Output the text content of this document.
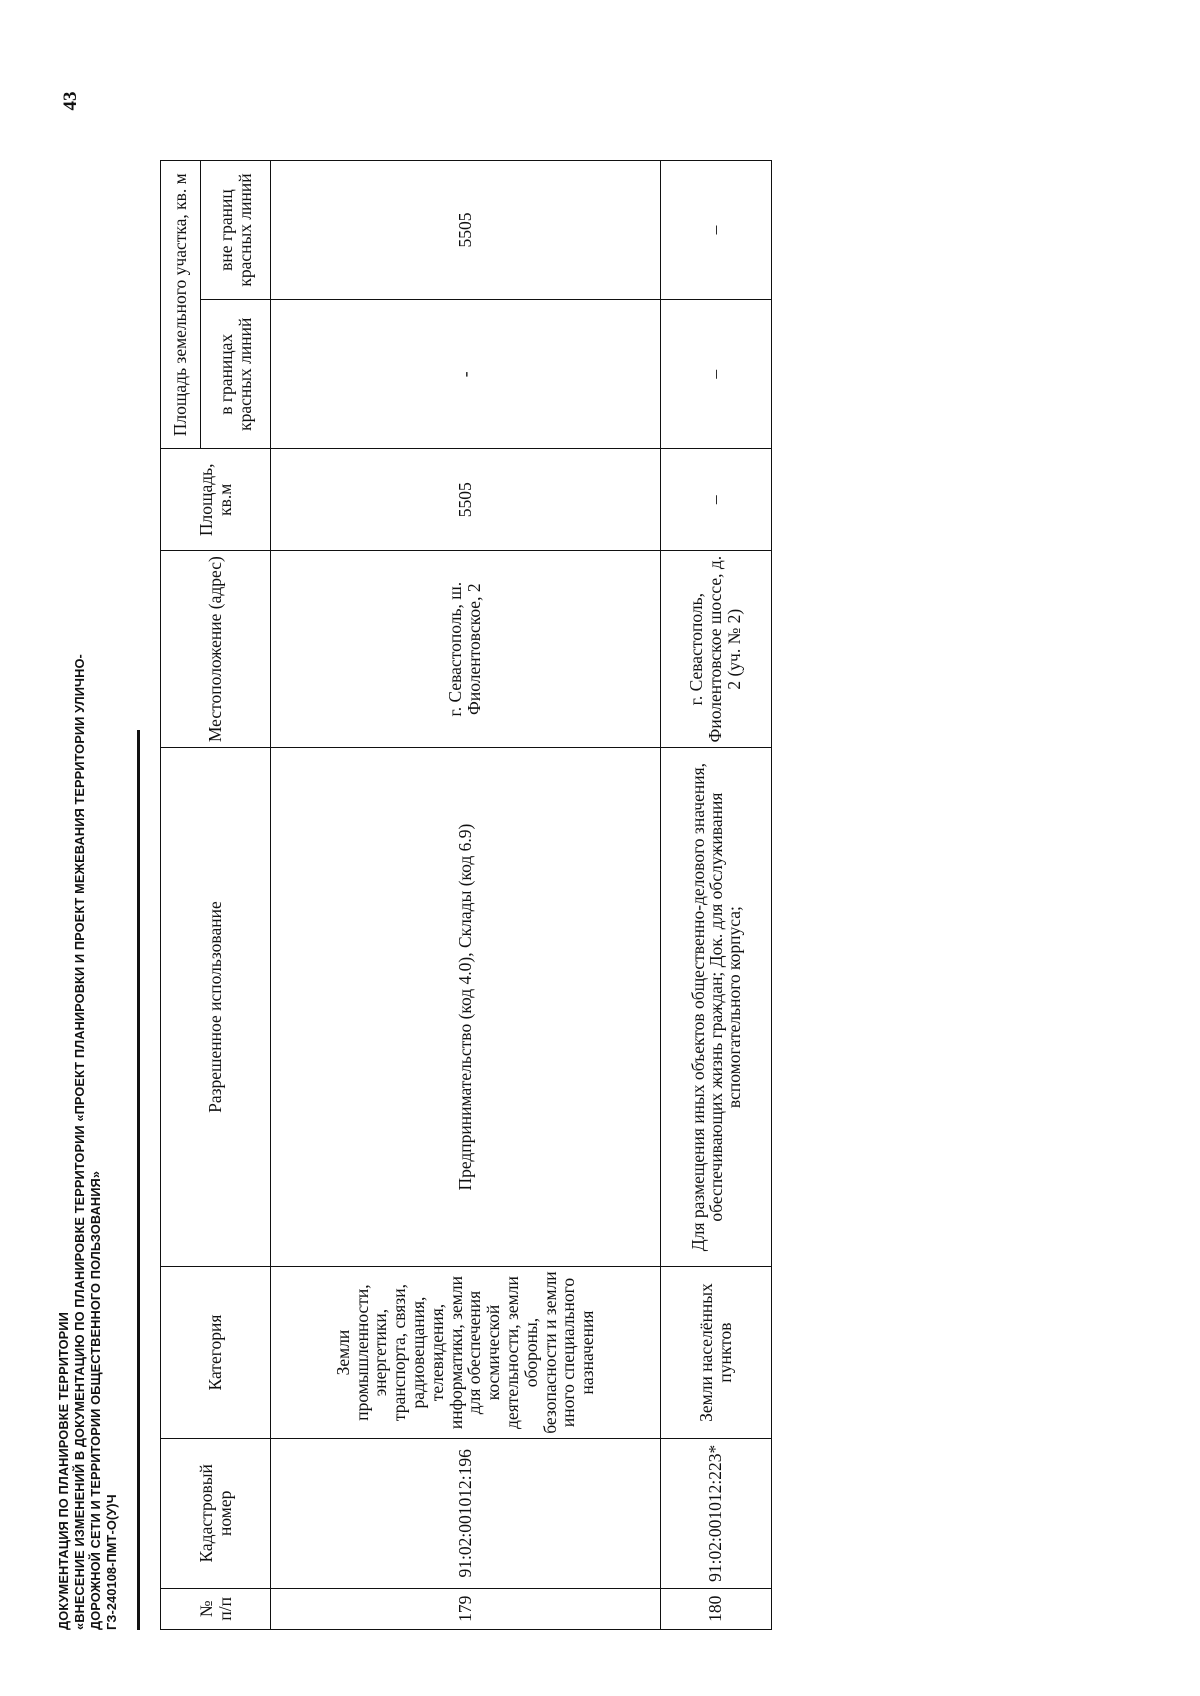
43
ДОКУМЕНТАЦИЯ ПО ПЛАНИРОВКЕ ТЕРРИТОРИИ «ВНЕСЕНИЕ ИЗМЕНЕНИЙ В ДОКУМЕНТАЦИЮ ПО ПЛАНИРОВКЕ ТЕРРИТОРИИ «ПРОЕКТ ПЛАНИРОВКИ И ПРОЕКТ МЕЖЕВАНИЯ ТЕРРИТОРИИ УЛИЧНО- ДОРОЖНОЙ СЕТИ И ТЕРРИТОРИИ ОБЩЕСТВЕННОГО ПОЛЬЗОВАНИЯ» ГЗ-240108-ПМТ-О(У)Ч	№ п/п	Кадастровый номер	Категория	Разрешенное использование	Местоположение (адрес)	Площадь, кв.м	Площадь земельного участка, кв. м	
						в границах красных линий	вне границ красных линий
179	91:02:001012:196	Земли промышленности, энергетики, транспорта, связи, радиовещания, телевидения, информатики, земли для обеспечения космической деятельности, земли обороны, безопасности и земли иного специального назначения	Предпринимательство (код 4.0), Склады (код 6.9)	г. Севастополь, ш. Фиолентовское, 2	5505	-	5505
180	91:02:001012:223*	Земли населённых пунктов	Для размещения иных объектов общественно-делового значения, обеспечивающих жизнь граждан; Док. для обслуживания вспомогательного корпуса;	г. Севастополь, Фиолентовское шоссе, д. 2 (уч. № 2)	–	–	–
